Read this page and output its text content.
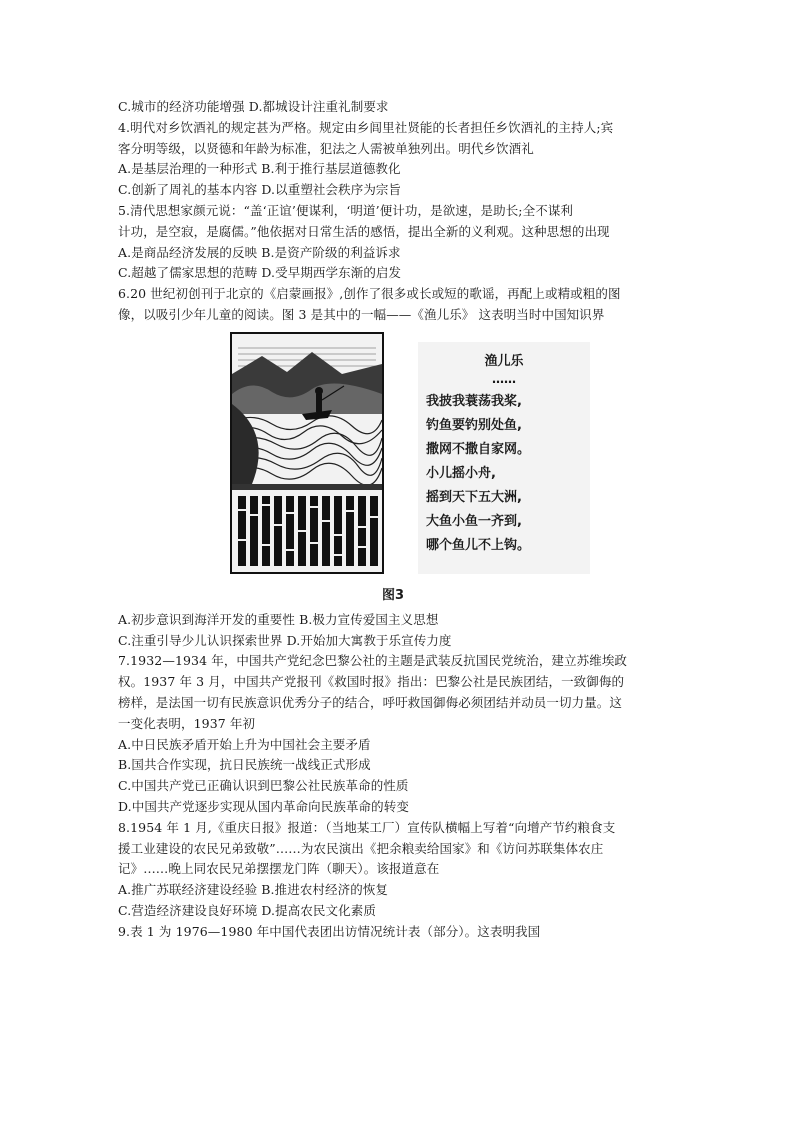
C.城市的经济功能增强 D.都城设计注重礼制要求
4.明代对乡饮酒礼的规定甚为严格。规定由乡闾里社贤能的长者担任乡饮酒礼的主持人;宾
客分明等级，以贤德和年龄为标准，犯法之人需被单独列出。明代乡饮酒礼
A.是基层治理的一种形式 B.利于推行基层道德教化
C.创新了周礼的基本内容 D.以重塑社会秩序为宗旨
5.清代思想家颜元说：“盖‘正谊’便谋利，‘明道’便计功，是欲速，是助长;全不谋利
计功，是空寂，是腐儒。”他依据对日常生活的感悟，提出全新的义利观。这种思想的出现
A.是商品经济发展的反映 B.是资产阶级的利益诉求
C.超越了儒家思想的范畴 D.受早期西学东渐的启发
6.20 世纪初创刊于北京的《启蒙画报》,创作了很多或长或短的歌谣，再配上或精或粗的图
像，以吸引少年儿童的阅读。图 3 是其中的一幅——《渔儿乐》 这表明当时中国知识界
渔儿乐
……
我披我蓑荡我桨,
钓鱼要钓别处鱼,
撒网不撒自家网。
小儿摇小舟,
摇到天下五大洲,
大鱼小鱼一齐到,
哪个鱼儿不上钩。
图3
A.初步意识到海洋开发的重要性 B.极力宣传爱国主义思想
C.注重引导少儿认识探索世界 D.开始加大寓教于乐宣传力度
7.1932—1934 年，中国共产党纪念巴黎公社的主题是武装反抗国民党统治，建立苏维埃政
权。1937 年 3 月，中国共产党报刊《救国时报》指出：巴黎公社是民族团结，一致御侮的
榜样，是法国一切有民族意识优秀分子的结合，呼吁救国御侮必须团结并动员一切力量。这
一变化表明，1937 年初
A.中日民族矛盾开始上升为中国社会主要矛盾
B.国共合作实现，抗日民族统一战线正式形成
C.中国共产党已正确认识到巴黎公社民族革命的性质
D.中国共产党逐步实现从国内革命向民族革命的转变
8.1954 年 1 月,《重庆日报》报道：（当地某工厂）宣传队横幅上写着“向增产节约粮食支
援工业建设的农民兄弟致敬”……为农民演出《把余粮卖给国家》和《访问苏联集体农庄
记》……晚上同农民兄弟摆摆龙门阵（聊天）。该报道意在
A.推广苏联经济建设经验 B.推进农村经济的恢复
C.营造经济建设良好环境 D.提高农民文化素质
9.表 1 为 1976—1980 年中国代表团出访情况统计表（部分）。这表明我国
